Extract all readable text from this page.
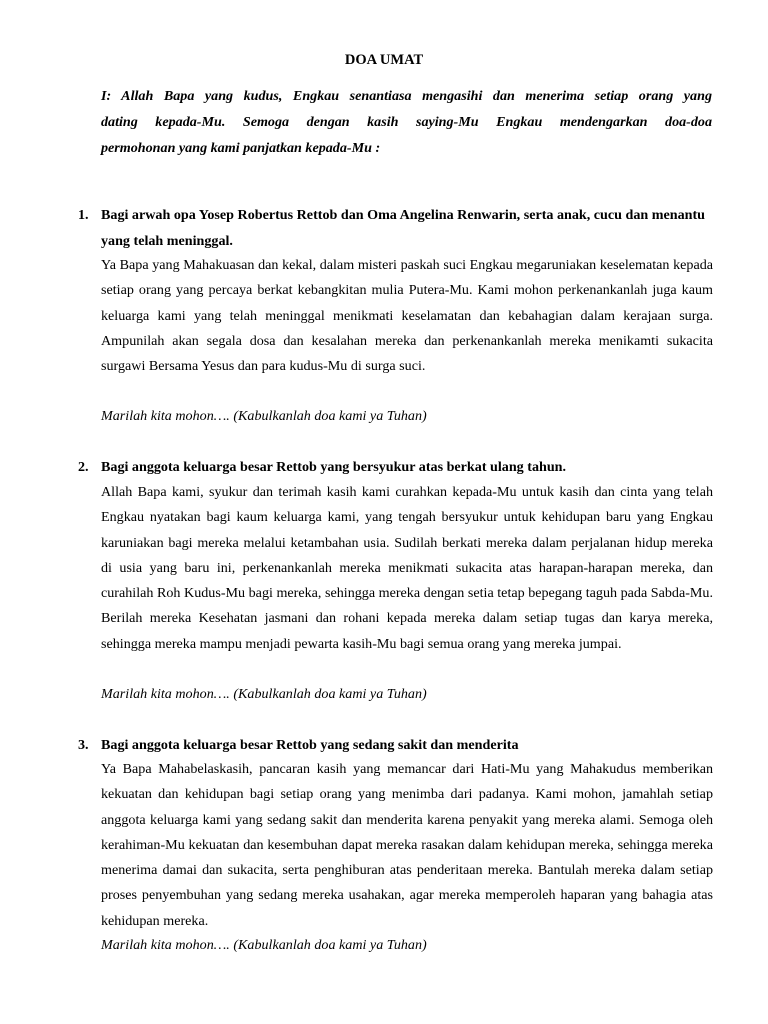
DOA UMAT
I: Allah Bapa yang kudus, Engkau senantiasa mengasihi dan menerima setiap orang yang
dating kepada-Mu. Semoga dengan kasih saying-Mu Engkau mendengarkan doa-doa
permohonan yang kami panjatkan kepada-Mu :
1. Bagi arwah opa Yosep Robertus Rettob dan Oma Angelina Renwarin, serta anak, cucu dan menantu yang telah meninggal.
Ya Bapa yang Mahakuasan dan kekal, dalam misteri paskah suci Engkau megaruniakan keselematan kepada setiap orang yang percaya berkat kebangkitan mulia Putera-Mu. Kami mohon perkenankanlah juga kaum keluarga kami yang telah meninggal menikmati keselamatan dan kebahagian dalam kerajaan surga. Ampunilah akan segala dosa dan kesalahan mereka dan perkenankanlah mereka menikamti sukacita surgawi Bersama Yesus dan para kudus-Mu di surga suci.
Marilah kita mohon…. (Kabulkanlah doa kami ya Tuhan)
2. Bagi anggota keluarga besar Rettob yang bersyukur atas berkat ulang tahun.
Allah Bapa kami, syukur dan terimah kasih kami curahkan kepada-Mu untuk kasih dan cinta yang telah Engkau nyatakan bagi kaum keluarga kami, yang tengah bersyukur untuk kehidupan baru yang Engkau karuniakan bagi mereka melalui ketambahan usia. Sudilah berkati mereka dalam perjalanan hidup mereka di usia yang baru ini, perkenankanlah mereka menikmati sukacita atas harapan-harapan mereka, dan curahilah Roh Kudus-Mu bagi mereka, sehingga mereka dengan setia tetap bepegang taguh pada Sabda-Mu. Berilah mereka Kesehatan jasmani dan rohani kepada mereka dalam setiap tugas dan karya mereka, sehingga mereka mampu menjadi pewarta kasih-Mu bagi semua orang yang mereka jumpai.
Marilah kita mohon…. (Kabulkanlah doa kami ya Tuhan)
3. Bagi anggota keluarga besar Rettob yang sedang sakit dan menderita
Ya Bapa Mahabelaskasih, pancaran kasih yang memancar dari Hati-Mu yang Mahakudus memberikan kekuatan dan kehidupan bagi setiap orang yang menimba dari padanya. Kami mohon, jamahlah setiap anggota keluarga kami yang sedang sakit dan menderita karena penyakit yang mereka alami. Semoga oleh kerahiman-Mu kekuatan dan kesembuhan dapat mereka rasakan dalam kehidupan mereka, sehingga mereka menerima damai dan sukacita, serta penghiburan atas penderitaan mereka. Bantulah mereka dalam setiap proses penyembuhan yang sedang mereka usahakan, agar mereka memperoleh haparan yang bahagia atas kehidupan mereka.
Marilah kita mohon…. (Kabulkanlah doa kami ya Tuhan)
